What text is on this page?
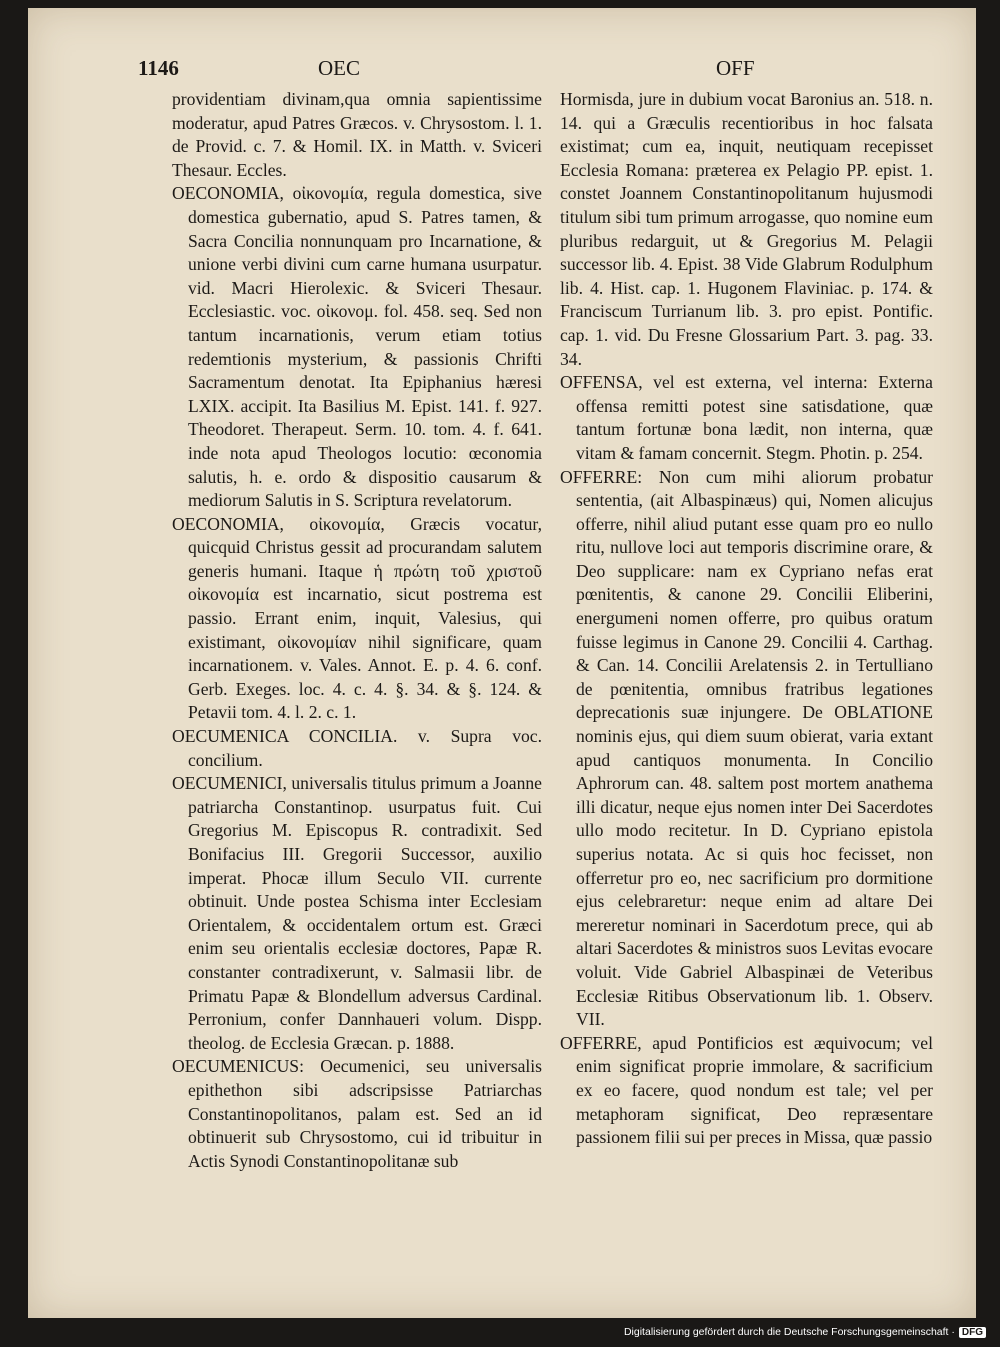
1146	OEC	OFF

providentiam divinam,qua omnia sapientissime moderatur, apud Patres Græcos. v. Chrysostom. l. 1. de Provid. c. 7. & Homil. IX. in Matth. v. Sviceri Thesaur. Eccles.

OECONOMIA, οἰκονομία, regula domestica, sive domestica gubernatio, apud S. Patres tamen, & Sacra Concilia nonnunquam pro Incarnatione, & unione verbi divini cum carne humana usurpatur. vid. Macri Hierolexic. & Sviceri Thesaur. Ecclesiastic. voc. οἰκονομ. fol. 458. seq. Sed non tantum incarnationis, verum etiam totius redemtionis mysterium, & passionis Chrifti Sacramentum denotat. Ita Epiphanius hæresi LXIX. accipit. Ita Basilius M. Epist. 141. f. 927. Theodoret. Therapeut. Serm. 10. tom. 4. f. 641. inde nota apud Theologos locutio: œconomia salutis, h. e. ordo & dispositio causarum & mediorum Salutis in S. Scriptura revelatorum.

OECONOMIA, οἰκονομία, Græcis vocatur, quicquid Christus gessit ad procurandam salutem generis humani. Itaque ἡ πρώτη τοῦ χριστοῦ οἰκονομία est incarnatio, sicut postrema est passio. Errant enim, inquit, Valesius, qui existimant, οἰκονομίαν nihil significare, quam incarnationem. v. Vales. Annot. E. p. 4. 6. conf. Gerb. Exeges. loc. 4. c. 4. §. 34. & §. 124. & Petavii tom. 4. l. 2. c. 1.

OECUMENICA CONCILIA. v. Supra voc. concilium.

OECUMENICI, universalis titulus primum a Joanne patriarcha Constantinop. usurpatus fuit. Cui Gregorius M. Episcopus R. contradixit. Sed Bonifacius III. Gregorii Successor, auxilio imperat. Phocæ illum Seculo VII. currente obtinuit. Unde postea Schisma inter Ecclesiam Orientalem, & occidentalem ortum est. Græci enim seu orientalis ecclesiæ doctores, Papæ R. constanter contradixerunt, v. Salmasii libr. de Primatu Papæ & Blondellum adversus Cardinal. Perronium, confer Dannhaueri volum. Dispp. theolog. de Ecclesia Græcan. p. 1888.

OECUMENICUS: Oecumenici, seu universalis epithethon sibi adscripsisse Patriarchas Constantinopolitanos, palam est. Sed an id obtinuerit sub Chrysostomo, cui id tribuitur in Actis Synodi Constantinopolitanæ sub

Hormisda, jure in dubium vocat Baronius an. 518. n. 14. qui a Græculis recentioribus in hoc falsata existimat; cum ea, inquit, neutiquam recepisset Ecclesia Romana: præterea ex Pelagio PP. epist. 1. constet Joannem Constantinopolitanum hujusmodi titulum sibi tum primum arrogasse, quo nomine eum pluribus redarguit, ut & Gregorius M. Pelagii successor lib. 4. Epist. 38 Vide Glabrum Rodulphum lib. 4. Hist. cap. 1. Hugonem Flaviniac. p. 174. & Franciscum Turrianum lib. 3. pro epist. Pontific. cap. 1. vid. Du Fresne Glossarium Part. 3. pag. 33. 34.

OFFENSA, vel est externa, vel interna: Externa offensa remitti potest sine satisdatione, quæ tantum fortunæ bona lædit, non interna, quæ vitam & famam concernit. Stegm. Photin. p. 254.

OFFERRE: Non cum mihi aliorum probatur sententia, (ait Albaspinæus) qui, Nomen alicujus offerre, nihil aliud putant esse quam pro eo nullo ritu, nullove loci aut temporis discrimine orare, & Deo supplicare: nam ex Cypriano nefas erat pœnitentis, & canone 29. Concilii Eliberini, energumeni nomen offerre, pro quibus oratum fuisse legimus in Canone 29. Concilii 4. Carthag. & Can. 14. Concilii Arelatensis 2. in Tertulliano de pœnitentia, omnibus fratribus legationes deprecationis suæ injungere. De OBLATIONE nominis ejus, qui diem suum obierat, varia extant apud cantiquos monumenta. In Concilio Aphrorum can. 48. saltem post mortem anathema illi dicatur, neque ejus nomen inter Dei Sacerdotes ullo modo recitetur. In D. Cypriano epistola superius notata. Ac si quis hoc fecisset, non offerretur pro eo, nec sacrificium pro dormitione ejus celebraretur: neque enim ad altare Dei mereretur nominari in Sacerdotum prece, qui ab altari Sacerdotes & ministros suos Levitas evocare voluit. Vide Gabriel Albaspinæi de Veteribus Ecclesiæ Ritibus Observationum lib. 1. Observ. VII.

OFFERRE, apud Pontificios est æquivocum; vel enim significat proprie immolare, & sacrificium ex eo facere, quod nondum est tale; vel per metaphoram significat, Deo repræsentare passionem filii sui per preces in Missa, quæ passio

Digitalisierung gefördert durch die Deutsche Forschungsgemeinschaft · DFG
